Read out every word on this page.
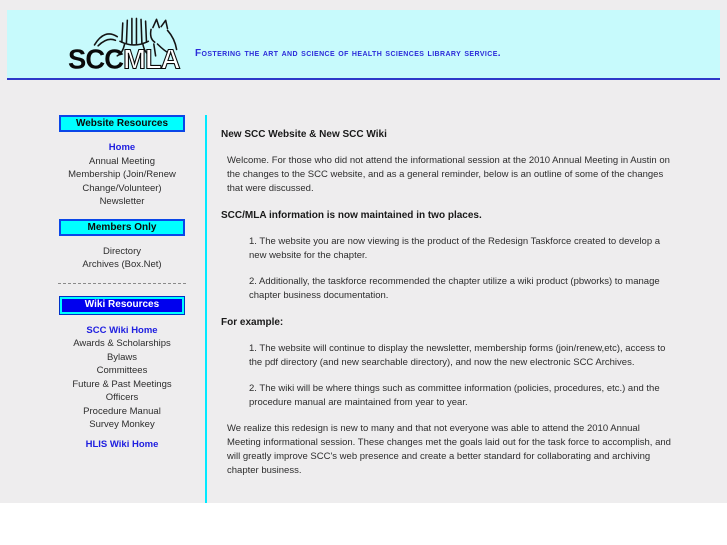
SCCMLA Fostering the art and science of health sciences library service.
Website Resources
Home
Annual Meeting
Membership (Join/Renew Change/Volunteer)
Newsletter
Members Only
Directory
Archives (Box.Net)
Wiki Resources
SCC Wiki Home
Awards & Scholarships
Bylaws
Committees
Future & Past Meetings
Officers
Procedure Manual
Survey Monkey
HLIS Wiki Home
New SCC Website & New SCC Wiki

Welcome. For those who did not attend the informational session at the 2010 Annual Meeting in Austin on the changes to the SCC website, and as a general reminder, below is an outline of some of the changes that were discussed.

SCC/MLA information is now maintained in two places.

1. The website you are now viewing is the product of the Redesign Taskforce created to develop a new website for the chapter.

2. Additionally, the taskforce recommended the chapter utilize a wiki product (pbworks) to manage chapter business documentation.

For example:

1. The website will continue to display the newsletter, membership forms (join/renew,etc), access to the pdf directory (and new searchable directory), and now the new electronic SCC Archives.

2. The wiki will be where things such as committee information (policies, procedures, etc.) and the procedure manual are maintained from year to year.

We realize this redesign is new to many and that not everyone was able to attend the 2010 Annual Meeting informational session. These changes met the goals laid out for the task force to accomplish, and will greatly improve SCC's web presence and create a better standard for collaborating and archiving chapter business.
